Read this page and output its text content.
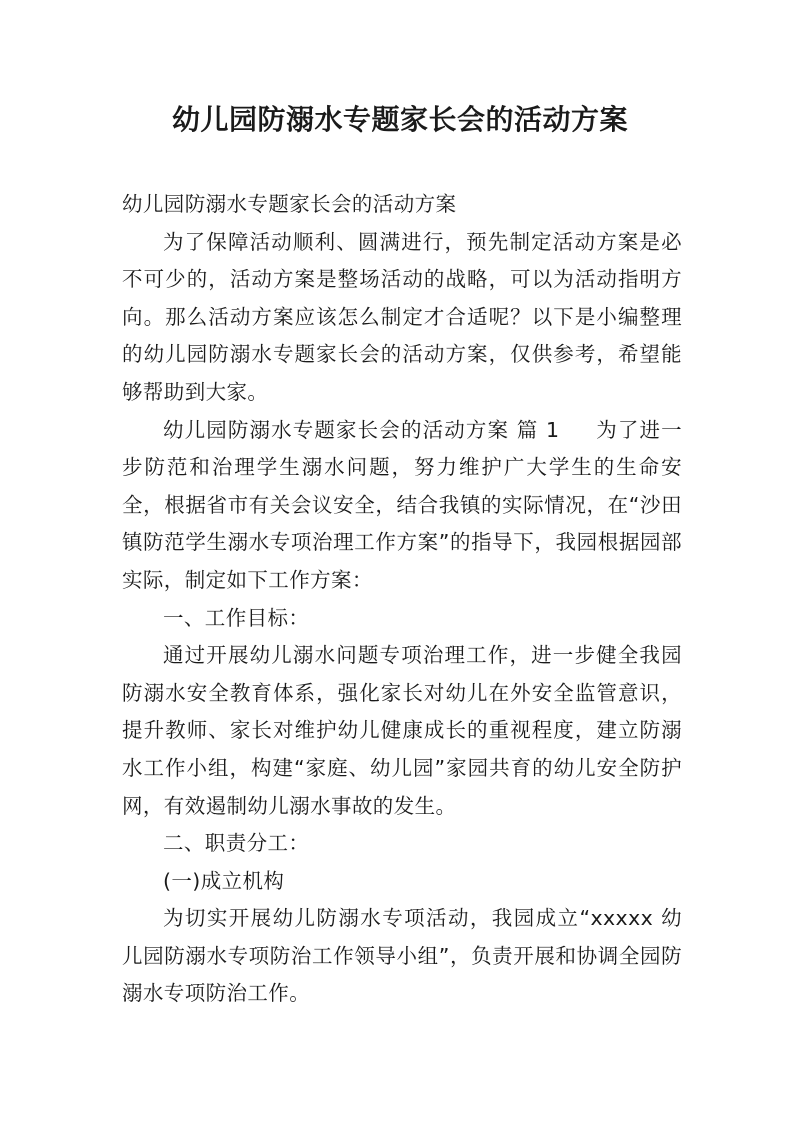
幼儿园防溺水专题家长会的活动方案

幼儿园防溺水专题家长会的活动方案

为了保障活动顺利、圆满进行，预先制定活动方案是必不可少的，活动方案是整场活动的战略，可以为活动指明方向。那么活动方案应该怎么制定才合适呢？以下是小编整理的幼儿园防溺水专题家长会的活动方案，仅供参考，希望能够帮助到大家。

幼儿园防溺水专题家长会的活动方案 篇 1 为了进一步防范和治理学生溺水问题，努力维护广大学生的生命安全，根据省市有关会议安全，结合我镇的实际情况，在“沙田镇防范学生溺水专项治理工作方案”的指导下，我园根据园部实际，制定如下工作方案：

一、工作目标：

通过开展幼儿溺水问题专项治理工作，进一步健全我园防溺水安全教育体系，强化家长对幼儿在外安全监管意识，提升教师、家长对维护幼儿健康成长的重视程度，建立防溺水工作小组，构建“家庭、幼儿园”家园共育的幼儿安全防护网，有效遏制幼儿溺水事故的发生。

二、职责分工：

(一)成立机构

为切实开展幼儿防溺水专项活动，我园成立“xxxxx 幼儿园防溺水专项防治工作领导小组”，负责开展和协调全园防溺水专项防治工作。
